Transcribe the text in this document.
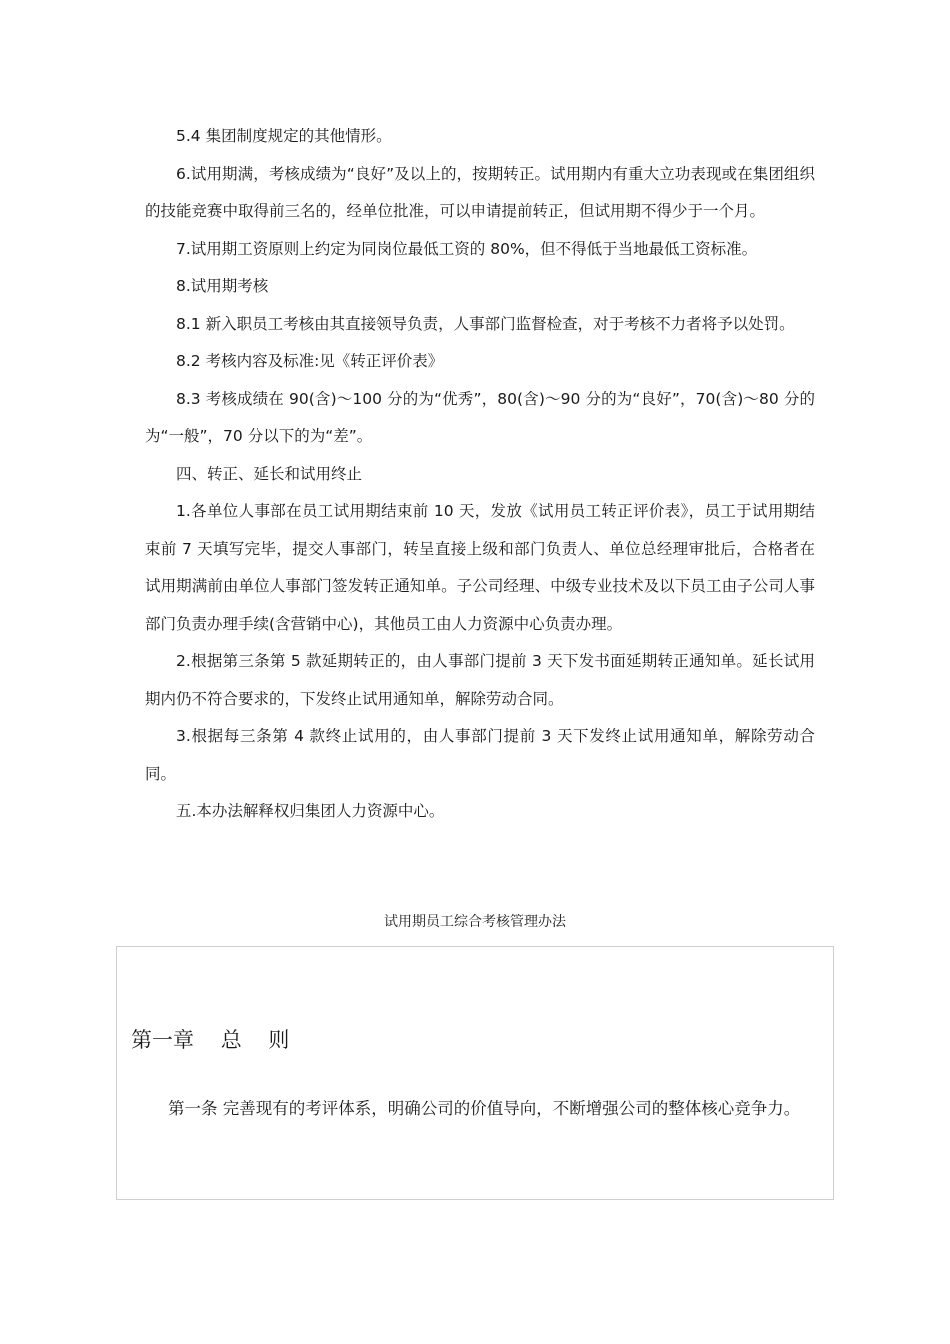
5.4 集团制度规定的其他情形。

6.试用期满，考核成绩为“良好”及以上的，按期转正。试用期内有重大立功表现或在集团组织的技能竞赛中取得前三名的，经单位批准，可以申请提前转正，但试用期不得少于一个月。

7.试用期工资原则上约定为同岗位最低工资的 80%，但不得低于当地最低工资标准。

8.试用期考核

8.1 新入职员工考核由其直接领导负责，人事部门监督检查，对于考核不力者将予以处罚。

8.2 考核内容及标准:见《转正评价表》

8.3 考核成绩在 90(含)～100 分的为“优秀”，80(含)～90 分的为“良好”，70(含)～80 分的为“一般”，70 分以下的为“差”。

四、转正、延长和试用终止

1.各单位人事部在员工试用期结束前 10 天，发放《试用员工转正评价表》，员工于试用期结束前 7 天填写完毕，提交人事部门，转呈直接上级和部门负责人、单位总经理审批后，合格者在试用期满前由单位人事部门签发转正通知单。子公司经理、中级专业技术及以下员工由子公司人事部门负责办理手续(含营销中心)，其他员工由人力资源中心负责办理。

2.根据第三条第 5 款延期转正的，由人事部门提前 3 天下发书面延期转正通知单。延长试用期内仍不符合要求的，下发终止试用通知单，解除劳动合同。

3.根据每三条第 4 款终止试用的，由人事部门提前 3 天下发终止试用通知单，解除劳动合同。

五.本办法解释权归集团人力资源中心。

试用期员工综合考核管理办法
第一章    总    则

第一条 完善现有的考评体系，明确公司的价值导向，不断增强公司的整体核心竞争力。
